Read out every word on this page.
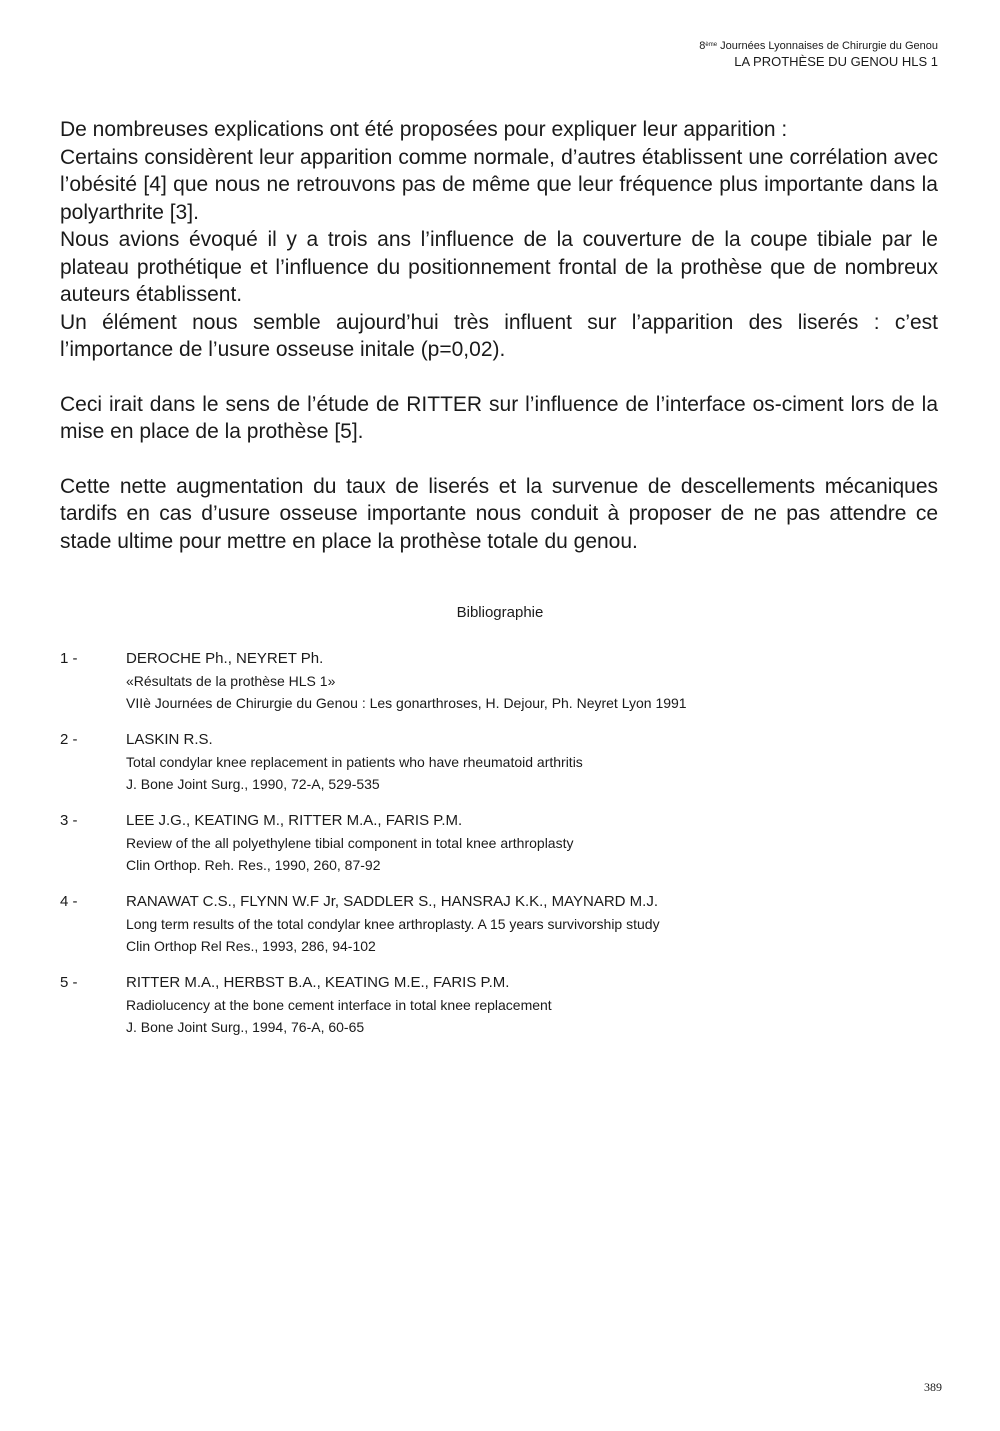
8ème Journées Lyonnaises de Chirurgie du Genou
LA PROTHÈSE DU GENOU HLS 1

De nombreuses explications ont été proposées pour expliquer leur apparition :

Certains considèrent leur apparition comme normale, d’autres établissent une corrélation avec l’obésité [4] que nous ne retrouvons pas de même que leur fréquence plus importante dans la polyarthrite [3].

Nous avions évoqué il y a trois ans l’influence de la couverture de la coupe tibiale par le plateau prothétique et l’influence du positionnement frontal de la prothèse que de nombreux auteurs établissent.

Un élément nous semble aujourd’hui très influent sur l’apparition des liserés : c’est l’importance de l’usure osseuse initale (p=0,02).

Ceci irait dans le sens de l’étude de RITTER sur l’influence de l’interface os-ciment lors de la mise en place de la prothèse [5].

Cette nette augmentation du taux de liserés et la survenue de descellements mécaniques tardifs en cas d’usure osseuse importante nous conduit à proposer de ne pas attendre ce stade ultime pour mettre en place la prothèse totale du genou.

Bibliographie
1 -	DEROCHE Ph., NEYRET Ph.
«Résultats de la prothèse HLS 1»
VIIè Journées de Chirurgie du Genou : Les gonarthroses, H. Dejour, Ph. Neyret Lyon 1991
2 -	LASKIN R.S.
Total condylar knee replacement in patients who have rheumatoid arthritis
J. Bone Joint Surg., 1990, 72-A, 529-535
3 -	LEE J.G., KEATING M., RITTER M.A., FARIS P.M.
Review of the all polyethylene tibial component in total knee arthroplasty
Clin Orthop. Reh. Res., 1990, 260, 87-92
4 -	RANAWAT C.S., FLYNN W.F Jr, SADDLER S., HANSRAJ K.K., MAYNARD M.J.
Long term results of the total condylar knee arthroplasty. A 15 years survivorship study
Clin Orthop Rel Res., 1993, 286, 94-102
5 -	RITTER M.A., HERBST B.A., KEATING M.E., FARIS P.M.
Radiolucency at the bone cement interface in total knee replacement
J. Bone Joint Surg., 1994, 76-A, 60-65
389
